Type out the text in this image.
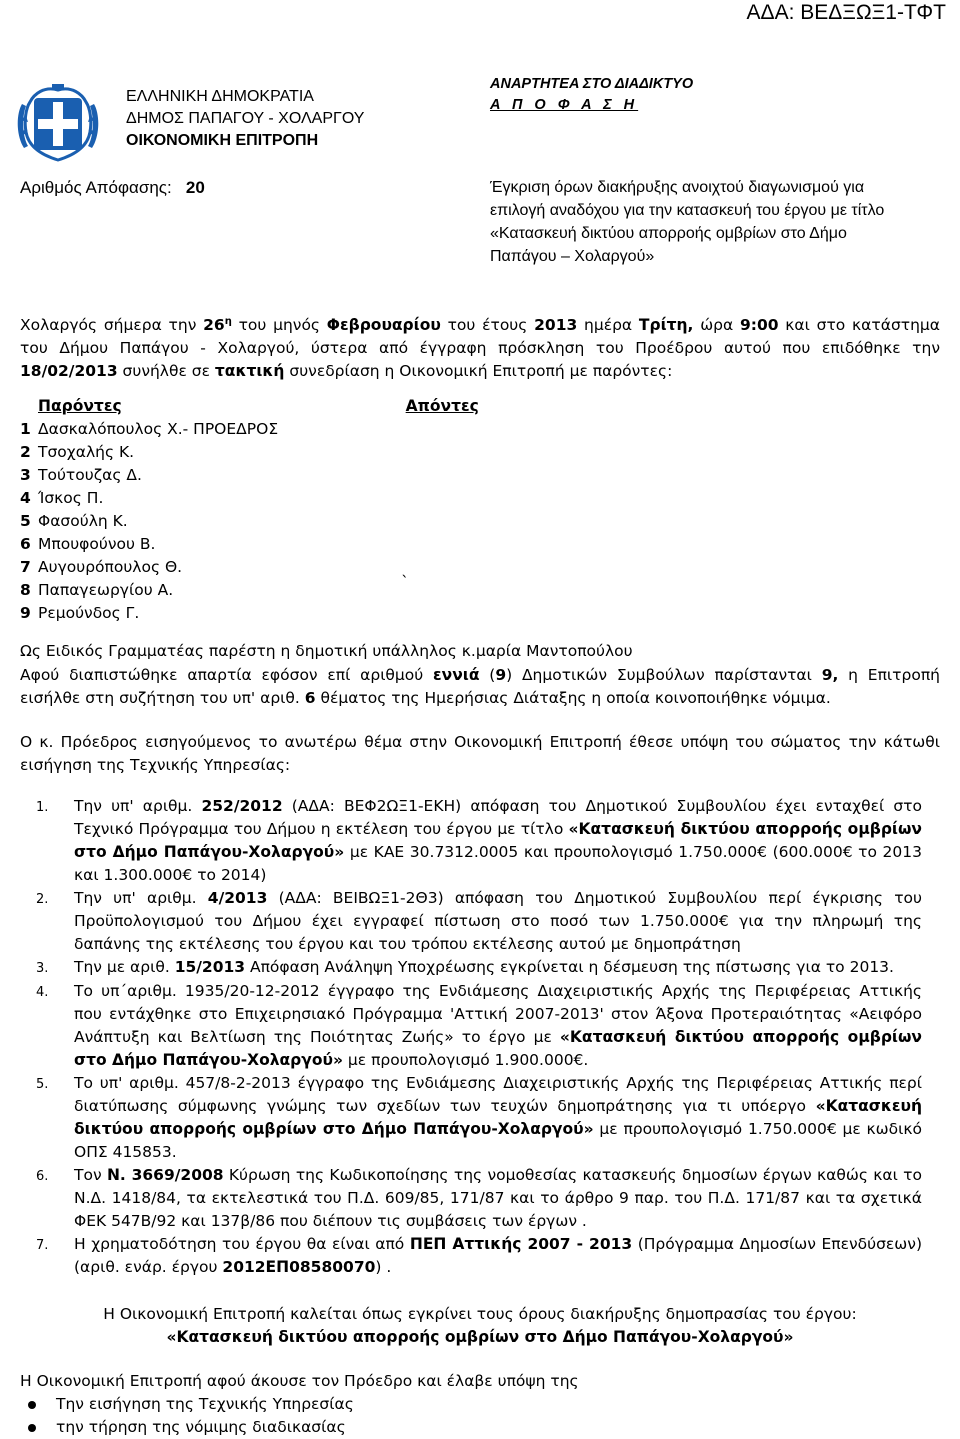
ΑΔΑ: ΒΕΔΞΩΞ1-ΤΦΤ
ΕΛΛΗΝΙΚΗ ΔΗΜΟΚΡΑΤΙΑ
ΔΗΜΟΣ ΠΑΠΑΓΟΥ - ΧΟΛΑΡΓΟΥ
ΟΙΚΟΝΟΜΙΚΗ ΕΠΙΤΡΟΠΗ
ΑΝΑΡΤΗΤΕΑ ΣΤΟ ΔΙΑΔΙΚΤΥΟ
Α Π Ο Φ Α Σ Η
Αριθμός Απόφασης: 20	Έγκριση όρων διακήρυξης ανοιχτού διαγωνισμού για επιλογή αναδόχου για την κατασκευή του έργου με τίτλο «Κατασκευή δικτύου απορροής ομβρίων στο Δήμο Παπάγου – Χολαργού»
Χολαργός σήμερα την $26^\eta$ του μηνός Φεβρουαρίου του έτους 2013 ημέρα Τρίτη, ώρα 9:00 και στο κατάστημα του Δήμου Παπάγου - Χολαργού, ύστερα από έγγραφη πρόσκληση του Προέδρου αυτού που επιδόθηκε την 18/02/2013 συνήλθε σε τακτική συνεδρίαση η Οικονομική Επιτροπή με παρόντες:
Παρόντες	Απόντες
1 Δασκαλόπουλος Χ.- ΠΡΟΕΔΡΟΣ
2 Τσοχαλής Κ.
3 Τούτουζας Δ.
4 Ίσκος Π.
5 Φασούλη Κ.
6 Μπουφούνου Β.
7 Αυγουρόπουλος Θ.
8 Παπαγεωργίου Α.	`
9 Ρεμούνδος Γ.
Ως Ειδικός Γραμματέας παρέστη η δημοτική υπάλληλος κ.μαρία Μαντοπούλου
Αφού διαπιστώθηκε απαρτία εφόσον επί αριθμού εννιά (9) Δημοτικών Συμβούλων παρίστανται 9, η Επιτροπή εισήλθε στη συζήτηση του υπ' αριθ. 6 θέματος της Ημερήσιας Διάταξης η οποία κοινοποιήθηκε νόμιμα.
Ο κ. Πρόεδρος εισηγούμενος το ανωτέρω θέμα στην Οικονομική Επιτροπή έθεσε υπόψη του σώματος την κάτωθι εισήγηση της Τεχνικής Υπηρεσίας:
1.	Την υπ' αριθμ. 252/2012 (ΑΔΑ: ΒΕΦ2ΩΞ1-ΕΚΗ) απόφαση του Δημοτικού Συμβουλίου έχει ενταχθεί στο Τεχνικό Πρόγραμμα του Δήμου η εκτέλεση του έργου με τίτλο «Κατασκευή δικτύου απορροής ομβρίων στο Δήμο Παπάγου-Χολαργού» με ΚΑΕ 30.7312.0005 και προυπολογισμό 1.750.000€ (600.000€ το 2013 και 1.300.000€ το 2014)
2.	Την υπ' αριθμ. 4/2013 (ΑΔΑ: ΒΕΙΒΩΞ1-2Θ3) απόφαση του Δημοτικού Συμβουλίου περί έγκρισης του Προϋπολογισμού του Δήμου έχει εγγραφεί πίστωση στο ποσό των 1.750.000€ για την πληρωμή της δαπάνης της εκτέλεσης του έργου και του τρόπου εκτέλεσης αυτού με δημοπράτηση
3.	Την με αριθ. 15/2013 Απόφαση Ανάληψη Υποχρέωσης εγκρίνεται η δέσμευση της πίστωσης για το 2013.
4.	Το υπ΄αριθμ. 1935/20-12-2012 έγγραφο της Ενδιάμεσης Διαχειριστικής Αρχής της Περιφέρειας Αττικής που εντάχθηκε στο Επιχειρησιακό Πρόγραμμα 'Αττική 2007-2013' στον Άξονα Προτεραιότητας «Αειφόρο Ανάπτυξη και Βελτίωση της Ποιότητας Ζωής» το έργο με «Κατασκευή δικτύου απορροής ομβρίων στο Δήμο Παπάγου-Χολαργού» με προυπολογισμό 1.900.000€.
5.	Το υπ' αριθμ. 457/8-2-2013 έγγραφο της Ενδιάμεσης Διαχειριστικής Αρχής της Περιφέρειας Αττικής περί διατύπωσης σύμφωνης γνώμης των σχεδίων των τευχών δημοπράτησης για τι υπόεργο «Κατασκευή δικτύου απορροής ομβρίων στο Δήμο Παπάγου-Χολαργού» με προυπολογισμό 1.750.000€ με κωδικό ΟΠΣ 415853.
6.	Τον Ν. 3669/2008 Κύρωση της Κωδικοποίησης της νομοθεσίας κατασκευής δημοσίων έργων καθώς και το Ν.Δ. 1418/84, τα εκτελεστικά του Π.Δ. 609/85, 171/87 και το άρθρο 9 παρ. του Π.Δ. 171/87 και τα σχετικά ΦΕΚ 547Β/92 και 137β/86 που διέπουν τις συμβάσεις των έργων .
7.	Η χρηματοδότηση του έργου θα είναι από ΠΕΠ Αττικής 2007 - 2013 (Πρόγραμμα Δημοσίων Επενδύσεων) (αριθ. ενάρ. έργου 2012ΕΠ08580070) .
Η Οικονομική Επιτροπή καλείται όπως εγκρίνει τους όρους διακήρυξης δημοπρασίας του έργου:
«Κατασκευή δικτύου απορροής ομβρίων στο Δήμο Παπάγου-Χολαργού»
Η Οικονομική Επιτροπή αφού άκουσε τον Πρόεδρο και έλαβε υπόψη της
Την εισήγηση της Τεχνικής Υπηρεσίας
την τήρηση της νόμιμης διαδικασίας
